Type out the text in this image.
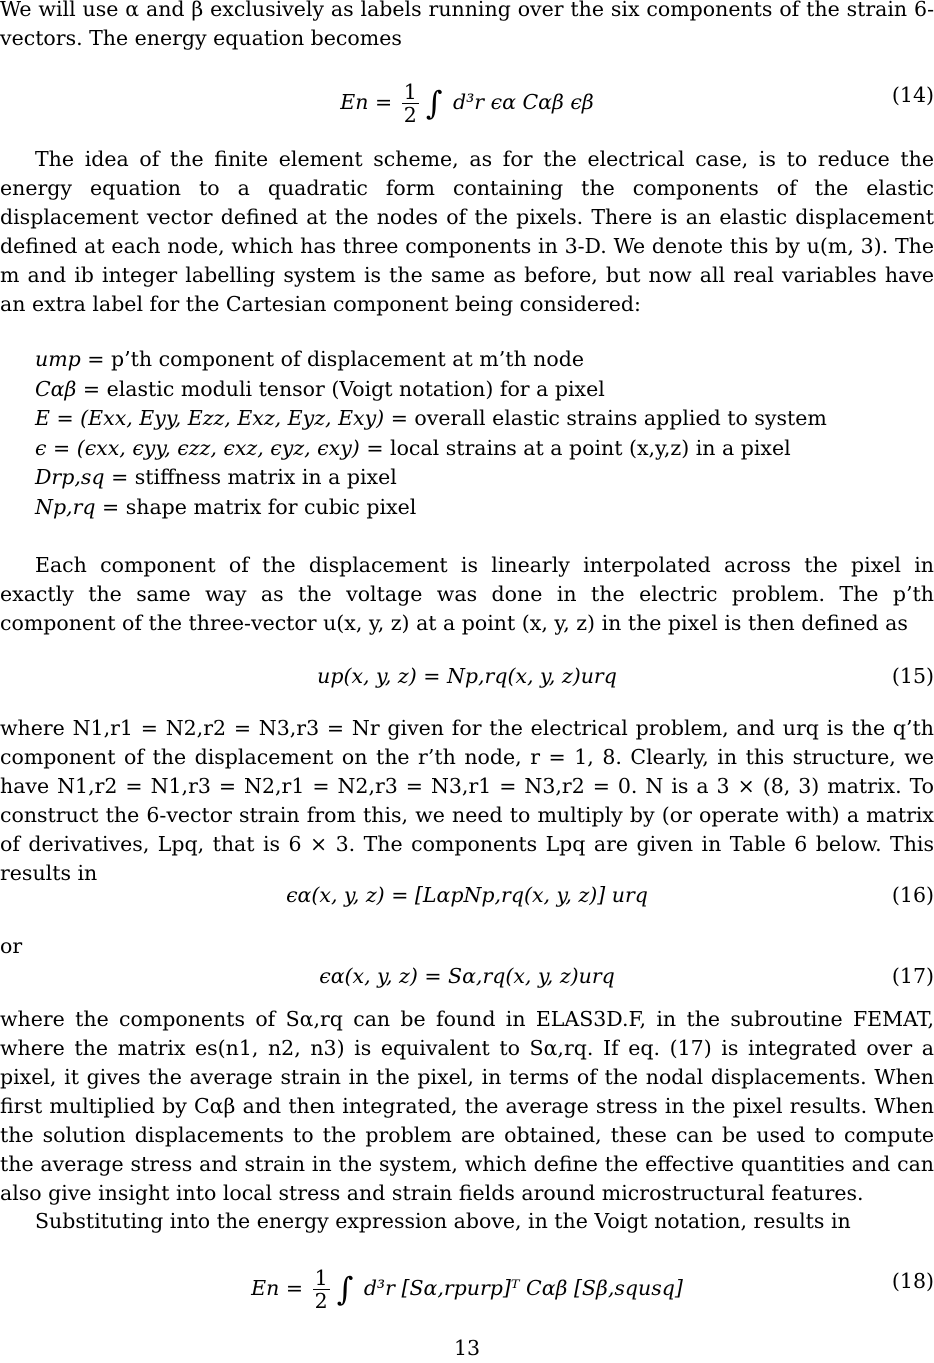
We will use α and β exclusively as labels running over the six components of the strain 6-vectors. The energy equation becomes

$En = \frac{1}{2}$ ∫ d³r ϵα Cαβ ϵβ	(14)

The idea of the finite element scheme, as for the electrical case, is to reduce the energy equation to a quadratic form containing the components of the elastic displacement vector defined at the nodes of the pixels. There is an elastic displacement defined at each node, which has three components in 3-D. We denote this by u(m, 3). The m and ib integer labelling system is the same as before, but now all real variables have an extra label for the Cartesian component being considered:

ump = p’th component of displacement at m’th node
Cαβ = elastic moduli tensor (Voigt notation) for a pixel
E = (Exx, Eyy, Ezz, Exz, Eyz, Exy) = overall elastic strains applied to system
ϵ = (ϵxx, ϵyy, ϵzz, ϵxz, ϵyz, ϵxy) = local strains at a point (x,y,z) in a pixel
Drp,sq = stiffness matrix in a pixel
Np,rq = shape matrix for cubic pixel

Each component of the displacement is linearly interpolated across the pixel in exactly the same way as the voltage was done in the electric problem. The p’th component of the three-vector u(x, y, z) at a point (x, y, z) in the pixel is then defined as

up(x, y, z) = Np,rq(x, y, z)urq	(15)

where N1,r1 = N2,r2 = N3,r3 = Nr given for the electrical problem, and urq is the q’th component of the displacement on the r’th node, r = 1, 8. Clearly, in this structure, we have N1,r2 = N1,r3 = N2,r1 = N2,r3 = N3,r1 = N3,r2 = 0. N is a 3 × (8, 3) matrix. To construct the 6-vector strain from this, we need to multiply by (or operate with) a matrix of derivatives, Lpq, that is 6 × 3. The components Lpq are given in Table 6 below. This results in

ϵα(x, y, z) = [LαpNp,rq(x, y, z)] urq	(16)

or

ϵα(x, y, z) = Sα,rq(x, y, z)urq	(17)

where the components of Sα,rq can be found in ELAS3D.F, in the subroutine FEMAT, where the matrix es(n1, n2, n3) is equivalent to Sα,rq. If eq. (17) is integrated over a pixel, it gives the average strain in the pixel, in terms of the nodal displacements. When first multiplied by Cαβ and then integrated, the average stress in the pixel results. When the solution displacements to the problem are obtained, these can be used to compute the average stress and strain in the system, which define the effective quantities and can also give insight into local stress and strain fields around microstructural features.

Substituting into the energy expression above, in the Voigt notation, results in

$En = \frac{1}{2}$ ∫ d³r [Sα,rpurp]ᵀ Cαβ [Sβ,squsq]	(18)
13
